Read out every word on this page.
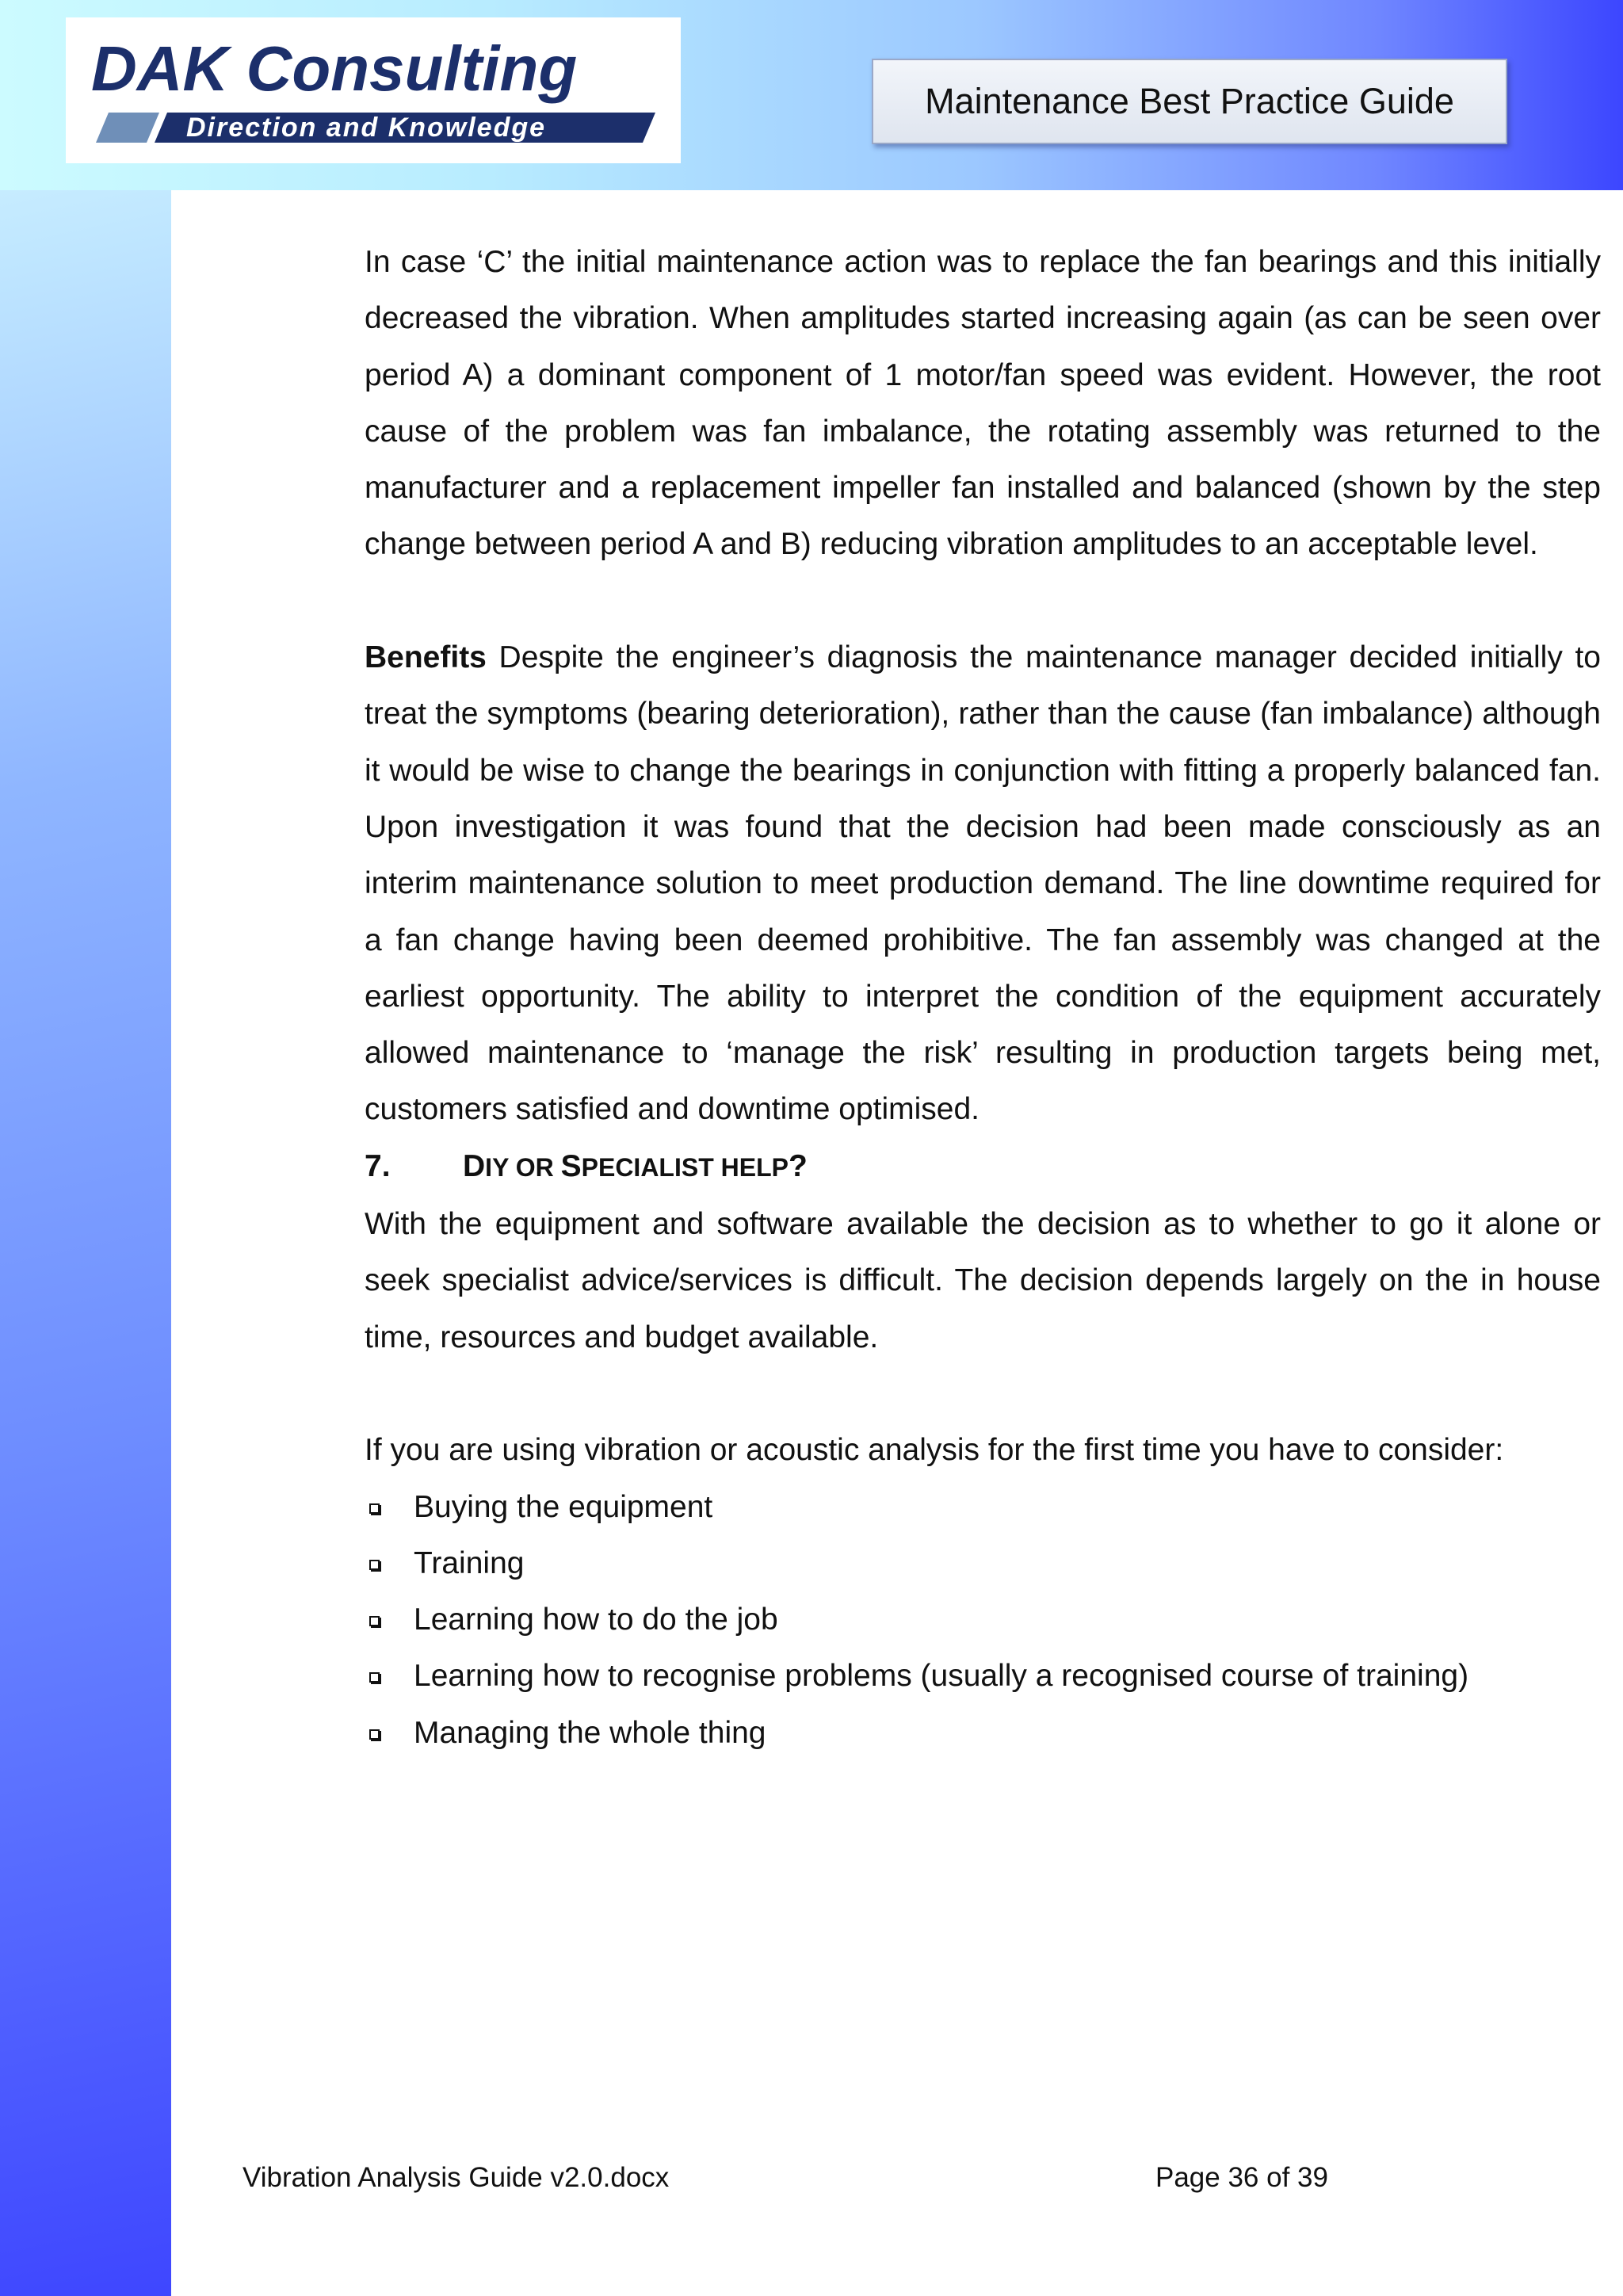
DAK Consulting
Direction and Knowledge
Maintenance Best Practice Guide

In case ‘C’ the initial maintenance action was to replace the fan bearings and this initially decreased the vibration. When amplitudes started increasing again (as can be seen over period A) a dominant component of 1 motor/fan speed was evident. However, the root cause of the problem was fan imbalance, the rotating assembly was returned to the manufacturer and a replacement impeller fan installed and balanced (shown by the step change between period A and B) reducing vibration amplitudes to an acceptable level.

Benefits Despite the engineer’s diagnosis the maintenance manager decided initially to treat the symptoms (bearing deterioration), rather than the cause (fan imbalance) although it would be wise to change the bearings in conjunction with fitting a properly balanced fan. Upon investigation it was found that the decision had been made consciously as an interim maintenance solution to meet production demand. The line downtime required for a fan change having been deemed prohibitive. The fan assembly was changed at the earliest opportunity. The ability to interpret the condition of the equipment accurately allowed maintenance to ‘manage the risk’ resulting in production targets being met, customers satisfied and downtime optimised.

7. DIY OR SPECIALIST HELP?

With the equipment and software available the decision as to whether to go it alone or seek specialist advice/services is difficult. The decision depends largely on the in house time, resources and budget available.

If you are using vibration or acoustic analysis for the first time you have to consider:

Buying the equipment
Training
Learning how to do the job
Learning how to recognise problems (usually a recognised course of training)
Managing the whole thing
Vibration Analysis Guide v2.0.docx	Page 36 of 39
